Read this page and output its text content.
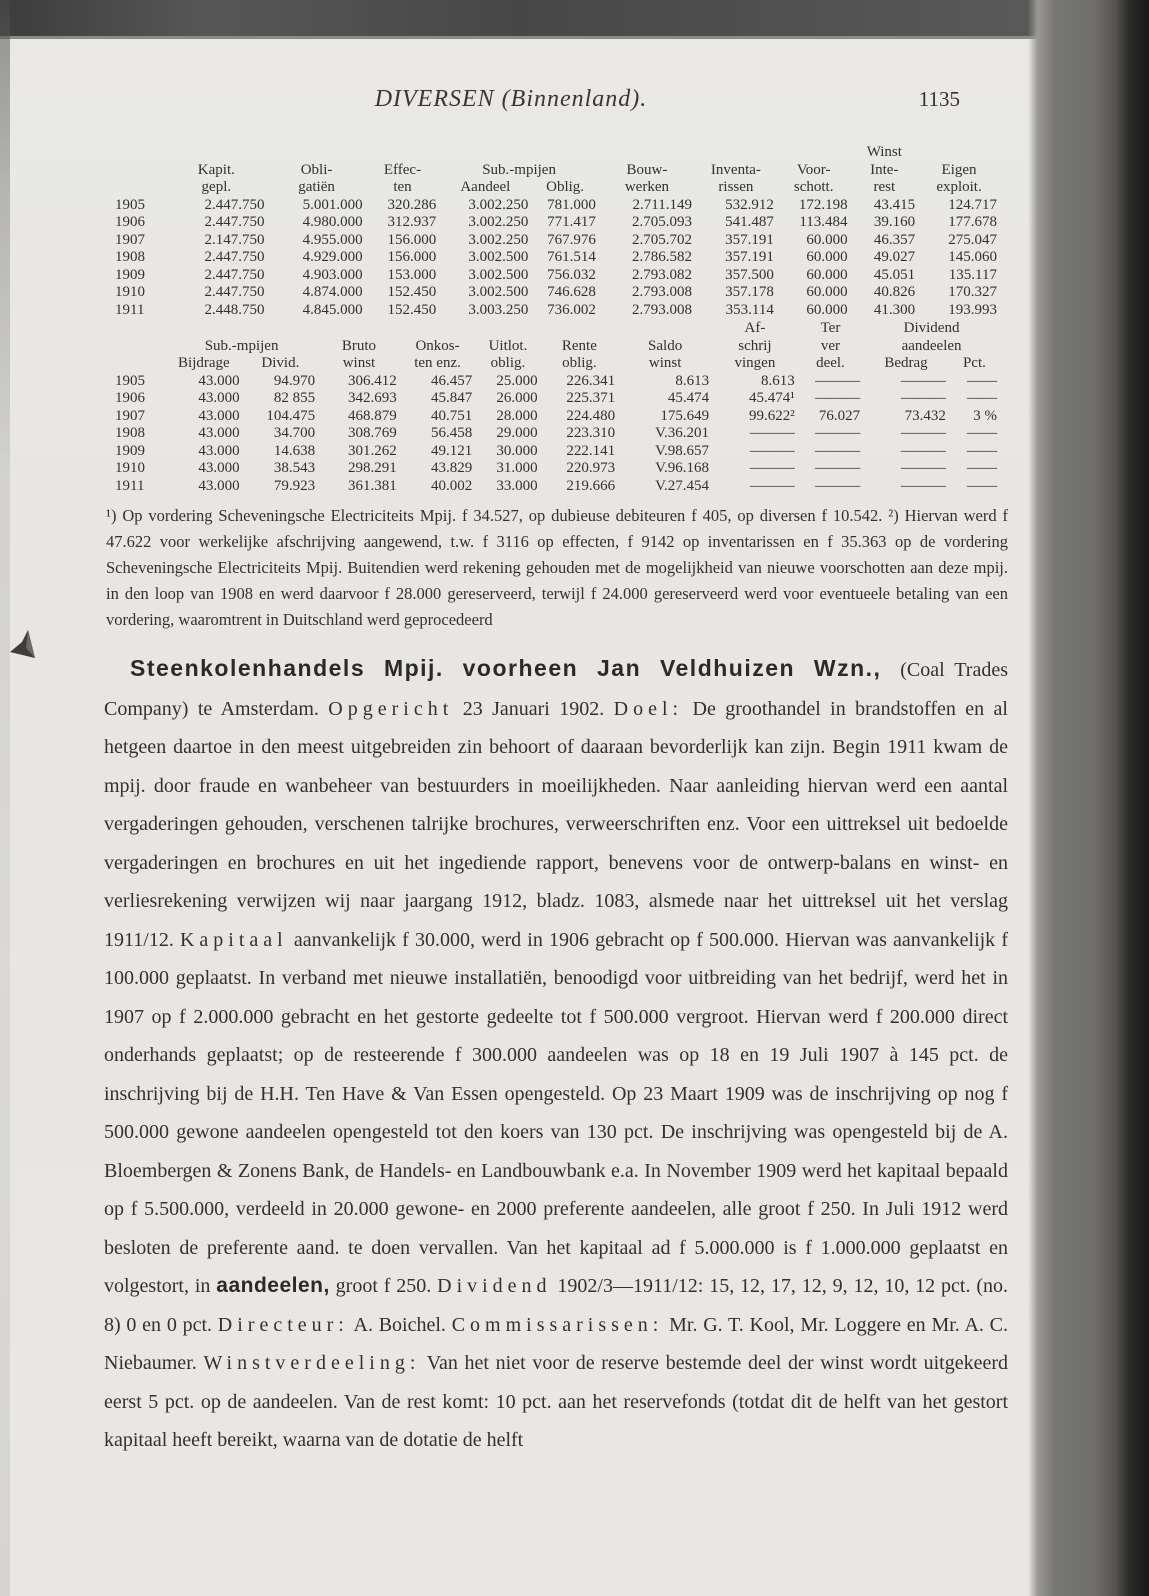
DIVERSEN (Binnenland).	1135
									Winst	
	Kapit.	Obli-	Effec-	Sub.-mpijen		Bouw-	Inventa-	Voor-	Inte-	Eigen
	gepl.	gatiën	ten	Aandeel	Oblig.	werken	rissen	schott.	rest	exploit.
1905	2.447.750	5.001.000	320.286	3.002.250	781.000	2.711.149	532.912	172.198	43.415	124.717
1906	2.447.750	4.980.000	312.937	3.002.250	771.417	2.705.093	541.487	113.484	39.160	177.678
1907	2.147.750	4.955.000	156.000	3.002.250	767.976	2.705.702	357.191	60.000	46.357	275.047
1908	2.447.750	4.929.000	156.000	3.002.500	761.514	2.786.582	357.191	60.000	49.027	145.060
1909	2.447.750	4.903.000	153.000	3.002.500	756.032	2.793.082	357.500	60.000	45.051	135.117
1910	2.447.750	4.874.000	152.450	3.002.500	746.628	2.793.008	357.178	60.000	40.826	170.327
1911	2.448.750	4.845.000	152.450	3.003.250	736.002	2.793.008	353.114	60.000	41.300	193.993
								Af-	Ter	Dividend	
	Sub.-mpijen		Bruto	Onkos-	Uitlot.	Rente	Saldo	schrij	ver	aandeelen	
	Bijdrage	Divid.	winst	ten enz.	oblig.	oblig.	winst	vingen	deel.	Bedrag	Pct.
1905	43.000	94.970	306.412	46.457	25.000	226.341	8.613	8.613	———	———	——
1906	43.000	82 855	342.693	45.847	26.000	225.371	45.474	45.474¹	———	———	——
1907	43.000	104.475	468.879	40.751	28.000	224.480	175.649	99.622²	76.027	73.432	3 %
1908	43.000	34.700	308.769	56.458	29.000	223.310	V.36.201	———	———	———	——
1909	43.000	14.638	301.262	49.121	30.000	222.141	V.98.657	———	———	———	——
1910	43.000	38.543	298.291	43.829	31.000	220.973	V.96.168	———	———	———	——
1911	43.000	79.923	361.381	40.002	33.000	219.666	V.27.454	———	———	———	——
¹) Op vordering Scheveningsche Electriciteits Mpij. f 34.527, op dubieuse debiteuren f 405, op diversen f 10.542. ²) Hiervan werd f 47.622 voor werkelijke afschrijving aangewend, t.w. f 3116 op effecten, f 9142 op inventarissen en f 35.363 op de vordering Scheveningsche Electriciteits Mpij. Buitendien werd rekening gehouden met de mogelijkheid van nieuwe voorschotten aan deze mpij. in den loop van 1908 en werd daarvoor f 28.000 gereserveerd, terwijl f 24.000 gereserveerd werd voor eventueele betaling van een vordering, waaromtrent in Duitschland werd geprocedeerd
Steenkolenhandels Mpij. voorheen Jan Veldhuizen Wzn., (Coal Trades Company) te Amsterdam. Opgericht 23 Januari 1902. Doel: De groothandel in brandstoffen en al hetgeen daartoe in den meest uitgebreiden zin behoort of daaraan bevorderlijk kan zijn. Begin 1911 kwam de mpij. door fraude en wanbeheer van bestuurders in moeilijkheden. Naar aanleiding hiervan werd een aantal vergaderingen gehouden, verschenen talrijke brochures, verweerschriften enz. Voor een uittreksel uit bedoelde vergaderingen en brochures en uit het ingediende rapport, benevens voor de ontwerp-balans en winst- en verliesrekening verwijzen wij naar jaargang 1912, bladz. 1083, alsmede naar het uittreksel uit het verslag 1911/12. Kapitaal aanvankelijk f 30.000, werd in 1906 gebracht op f 500.000. Hiervan was aanvankelijk f 100.000 geplaatst. In verband met nieuwe installatiën, benoodigd voor uitbreiding van het bedrijf, werd het in 1907 op f 2.000.000 gebracht en het gestorte gedeelte tot f 500.000 vergroot. Hiervan werd f 200.000 direct onderhands geplaatst; op de resteerende f 300.000 aandeelen was op 18 en 19 Juli 1907 à 145 pct. de inschrijving bij de H.H. Ten Have & Van Essen opengesteld. Op 23 Maart 1909 was de inschrijving op nog f 500.000 gewone aandeelen opengesteld tot den koers van 130 pct. De inschrijving was opengesteld bij de A. Bloembergen & Zonens Bank, de Handels- en Landbouwbank e.a. In November 1909 werd het kapitaal bepaald op f 5.500.000, verdeeld in 20.000 gewone- en 2000 preferente aandeelen, alle groot f 250. In Juli 1912 werd besloten de preferente aand. te doen vervallen. Van het kapitaal ad f 5.000.000 is f 1.000.000 geplaatst en volgestort, in aandeelen, groot f 250. Dividend 1902/3—1911/12: 15, 12, 17, 12, 9, 12, 10, 12 pct. (no. 8) 0 en 0 pct. Directeur: A. Boichel. Commissarissen: Mr. G. T. Kool, Mr. Loggere en Mr. A. C. Niebaumer. Winstverdeeling: Van het niet voor de reserve bestemde deel der winst wordt uitgekeerd eerst 5 pct. op de aandeelen. Van de rest komt: 10 pct. aan het reservefonds (totdat dit de helft van het gestort kapitaal heeft bereikt, waarna van de dotatie de helft
